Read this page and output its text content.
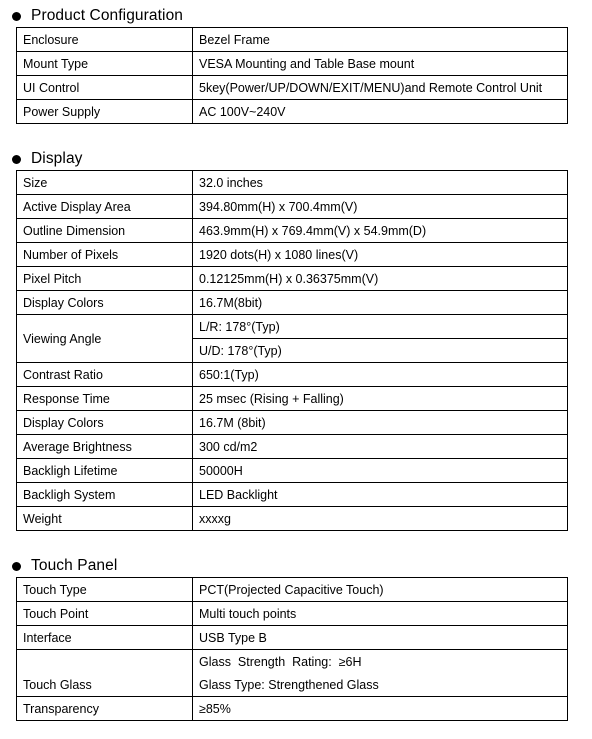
Product Configuration
Enclosure	Bezel Frame
Mount Type	VESA Mounting and Table Base mount
UI Control	5key(Power/UP/DOWN/EXIT/MENU)and Remote Control Unit
Power Supply	AC 100V~240V
Display
Size	32.0 inches
Active Display Area	394.80mm(H) x 700.4mm(V)
Outline Dimension	463.9mm(H) x 769.4mm(V) x 54.9mm(D)
Number of Pixels	1920 dots(H) x 1080 lines(V)
Pixel Pitch	0.12125mm(H) x 0.36375mm(V)
Display Colors	16.7M(8bit)
Viewing Angle	L/R: 178°(Typ)
	U/D: 178°(Typ)
Contrast Ratio	650:1(Typ)
Response Time	25 msec (Rising + Falling)
Display Colors	16.7M (8bit)
Average Brightness	300 cd/m2
Backligh Lifetime	50000H
Backligh System	LED Backlight
Weight	xxxxg
Touch Panel
Touch Type	PCT(Projected Capacitive Touch)
Touch Point	Multi touch points
Interface	USB Type B
Touch Glass	Glass  Strength  Rating:  ≥6H
	Glass Type: Strengthened Glass
Transparency	≥85%
